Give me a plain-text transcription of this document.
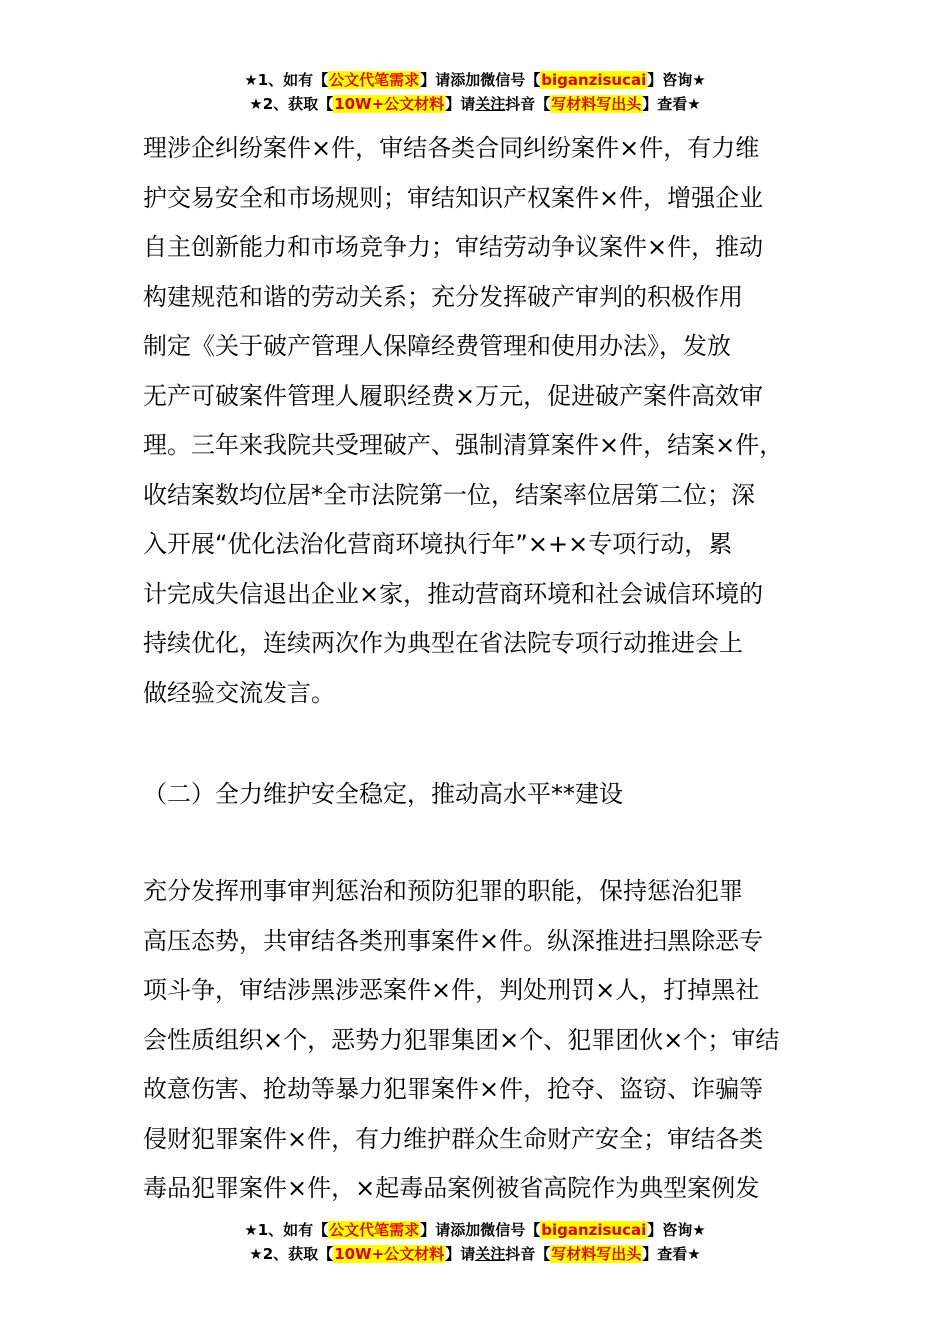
★1、如有【公文代笔需求】请添加微信号【biganzisucai】咨询★
★2、获取【10W+公文材料】请关注抖音【写材料写出头】查看★
理涉企纠纷案件×件，审结各类合同纠纷案件×件，有力维
护交易安全和市场规则；审结知识产权案件×件，增强企业
自主创新能力和市场竞争力；审结劳动争议案件×件，推动
构建规范和谐的劳动关系；充分发挥破产审判的积极作用
制定《关于破产管理人保障经费管理和使用办法》，发放
无产可破案件管理人履职经费×万元，促进破产案件高效审
理。三年来我院共受理破产、强制清算案件×件，结案×件，
收结案数均位居*全市法院第一位，结案率位居第二位；深
入开展“优化法治化营商环境执行年”×+×专项行动，累
计完成失信退出企业×家，推动营商环境和社会诚信环境的
持续优化，连续两次作为典型在省法院专项行动推进会上
做经验交流发言。
（二）全力维护安全稳定，推动高水平**建设
充分发挥刑事审判惩治和预防犯罪的职能，保持惩治犯罪
高压态势，共审结各类刑事案件×件。纵深推进扫黑除恶专
项斗争，审结涉黑涉恶案件×件，判处刑罚×人，打掉黑社
会性质组织×个，恶势力犯罪集团×个、犯罪团伙×个；审结
故意伤害、抢劫等暴力犯罪案件×件，抢夺、盗窃、诈骗等
侵财犯罪案件×件，有力维护群众生命财产安全；审结各类
毒品犯罪案件×件，×起毒品案例被省高院作为典型案例发
★1、如有【公文代笔需求】请添加微信号【biganzisucai】咨询★
★2、获取【10W+公文材料】请关注抖音【写材料写出头】查看★
